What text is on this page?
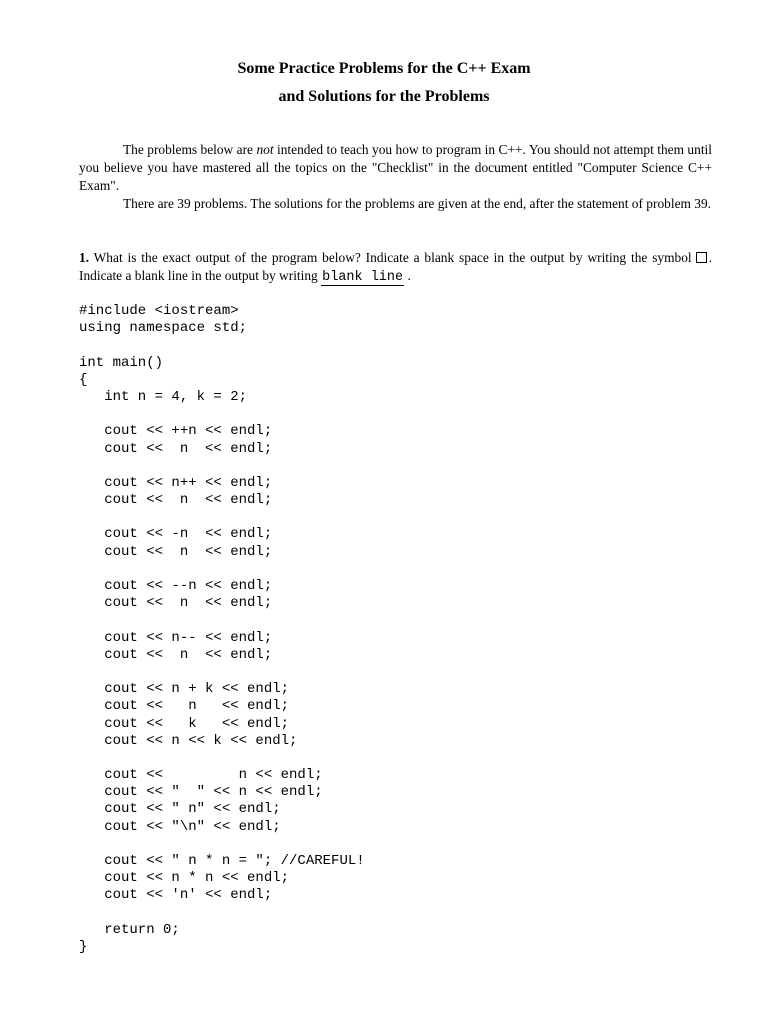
Some Practice Problems for the C++ Exam
and Solutions for the Problems
The problems below are not intended to teach you how to program in C++. You should not attempt them until you believe you have mastered all the topics on the "Checklist" in the document entitled "Computer Science C++ Exam".
There are 39 problems. The solutions for the problems are given at the end, after the statement of problem 39.
1. What is the exact output of the program below? Indicate a blank space in the output by writing the symbol . Indicate a blank line in the output by writing blank line .
#include <iostream>
using namespace std;
int main()
{
int n = 4, k = 2;
cout << ++n << endl;
cout <<  n  << endl;
cout << n++ << endl;
cout <<  n  << endl;
cout << -n  << endl;
cout <<  n  << endl;
cout << --n << endl;
cout <<  n  << endl;
cout << n-- << endl;
cout <<  n  << endl;
cout << n + k << endl;
cout <<   n   << endl;
cout <<   k   << endl;
cout << n << k << endl;
cout <<         n << endl;
cout << "  " << n << endl;
cout << " n" << endl;
cout << "\n" << endl;
cout << " n * n = "; //CAREFUL!
cout << n * n << endl;
cout << 'n' << endl;
return 0;
}
